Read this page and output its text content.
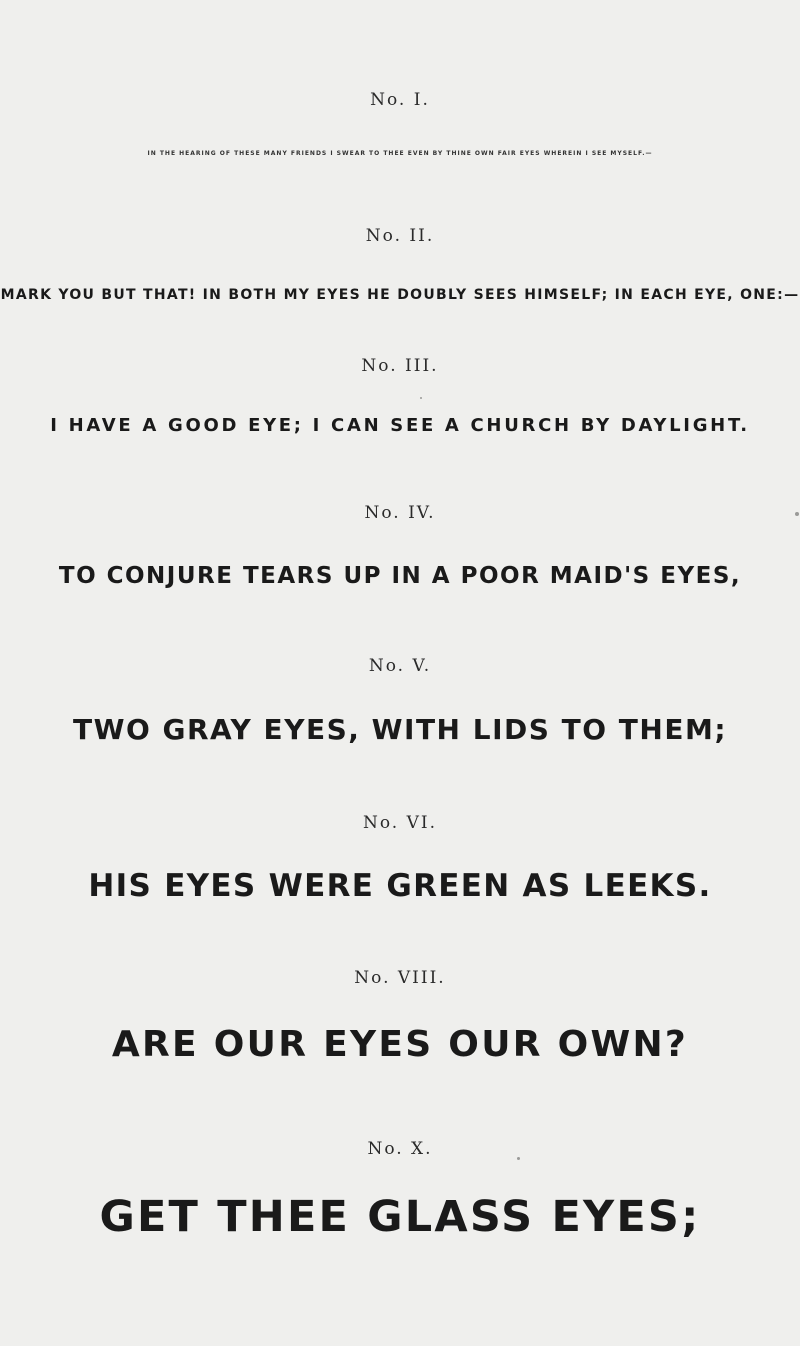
No. I.
IN THE HEARING OF THESE MANY FRIENDS I SWEAR TO THEE EVEN BY THINE OWN FAIR EYES WHEREIN I SEE MYSELF.—
No. II.
MARK YOU BUT THAT! IN BOTH MY EYES HE DOUBLY SEES HIMSELF; IN EACH EYE, ONE:—
No. III.
I HAVE A GOOD EYE; I CAN SEE A CHURCH BY DAYLIGHT.
No. IV.
TO CONJURE TEARS UP IN A POOR MAID'S EYES,
No. V.
TWO GRAY EYES, WITH LIDS TO THEM;
No. VI.
HIS EYES WERE GREEN AS LEEKS.
No. VIII.
ARE OUR EYES OUR OWN?
No. X.
GET THEE GLASS EYES;
